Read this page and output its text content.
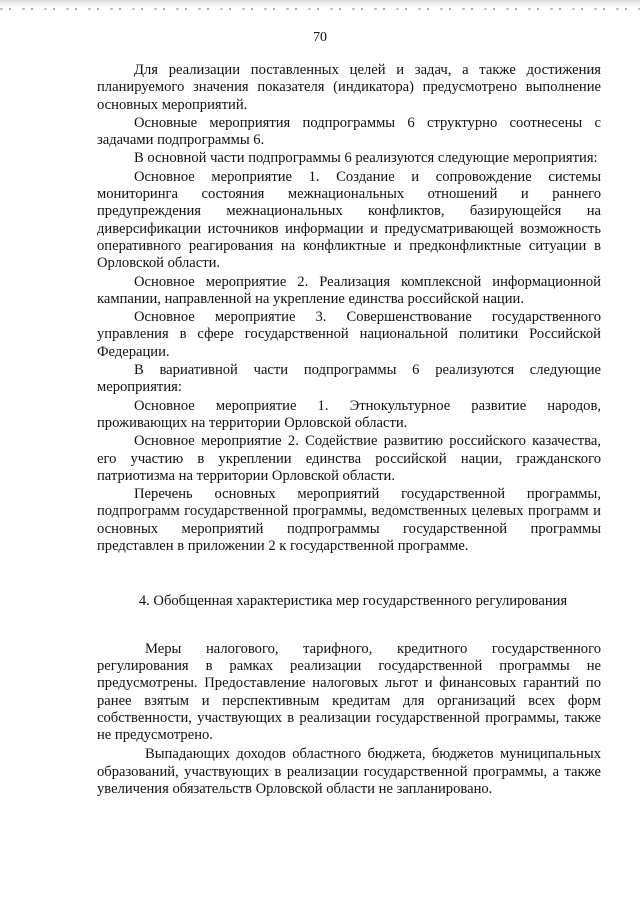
70

Для реализации поставленных целей и задач, а также достижения планируемого значения показателя (индикатора) предусмотрено выполнение основных мероприятий.

Основные мероприятия подпрограммы 6 структурно соотнесены с задачами подпрограммы 6.

В основной части подпрограммы 6 реализуются следующие мероприятия:

Основное мероприятие 1. Создание и сопровождение системы мониторинга состояния межнациональных отношений и раннего предупреждения межнациональных конфликтов, базирующейся на диверсификации источников информации и предусматривающей возможность оперативного реагирования на конфликтные и предконфликтные ситуации в Орловской области.

Основное мероприятие 2. Реализация комплексной информационной кампании, направленной на укрепление единства российской нации.

Основное мероприятие 3. Совершенствование государственного управления в сфере государственной национальной политики Российской Федерации.

В вариативной части подпрограммы 6 реализуются следующие мероприятия:

Основное мероприятие 1. Этнокультурное развитие народов, проживающих на территории Орловской области.

Основное мероприятие 2. Содействие развитию российского казачества, его участию в укреплении единства российской нации, гражданского патриотизма на территории Орловской области.

Перечень основных мероприятий государственной программы, подпрограмм государственной программы, ведомственных целевых программ и основных мероприятий подпрограммы государственной программы представлен в приложении 2 к государственной программе.

4. Обобщенная характеристика мер государственного регулирования

Меры налогового, тарифного, кредитного государственного регулирования в рамках реализации государственной программы не предусмотрены. Предоставление налоговых льгот и финансовых гарантий по ранее взятым и перспективным кредитам для организаций всех форм собственности, участвующих в реализации государственной программы, также не предусмотрено.

Выпадающих доходов областного бюджета, бюджетов муниципальных образований, участвующих в реализации государственной программы, а также увеличения обязательств Орловской области не запланировано.
